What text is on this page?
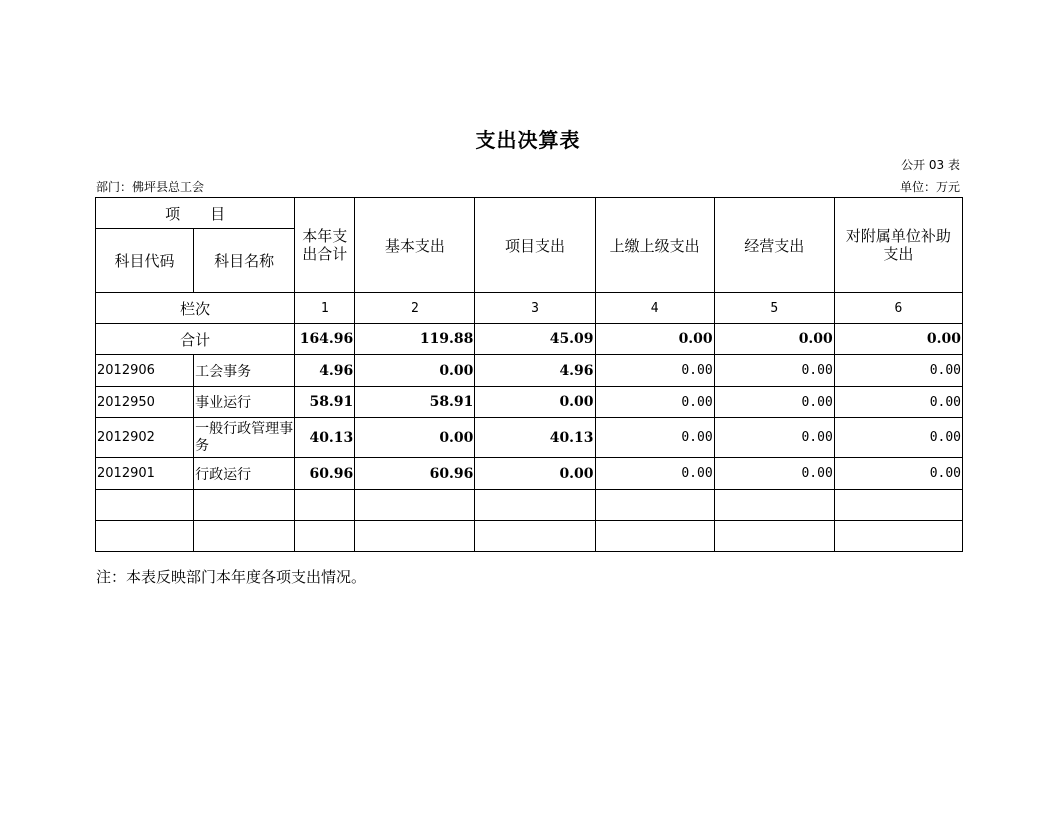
支出决算表
公开 03 表
部门：佛坪县总工会	单位：万元
项　　目		本年支出合计	基本支出	项目支出	上缴上级支出	经营支出	对附属单位补助支出
科目代码	科目名称						
栏次		1	2	3	4	5	6
合计		164.96	119.88	45.09	0.00	0.00	0.00
2012906	工会事务	4.96	0.00	4.96	0.00	0.00	0.00
2012950	事业运行	58.91	58.91	0.00	0.00	0.00	0.00
2012902	一般行政管理事务	40.13	0.00	40.13	0.00	0.00	0.00
2012901	行政运行	60.96	60.96	0.00	0.00	0.00	0.00

注：本表反映部门本年度各项支出情况。
